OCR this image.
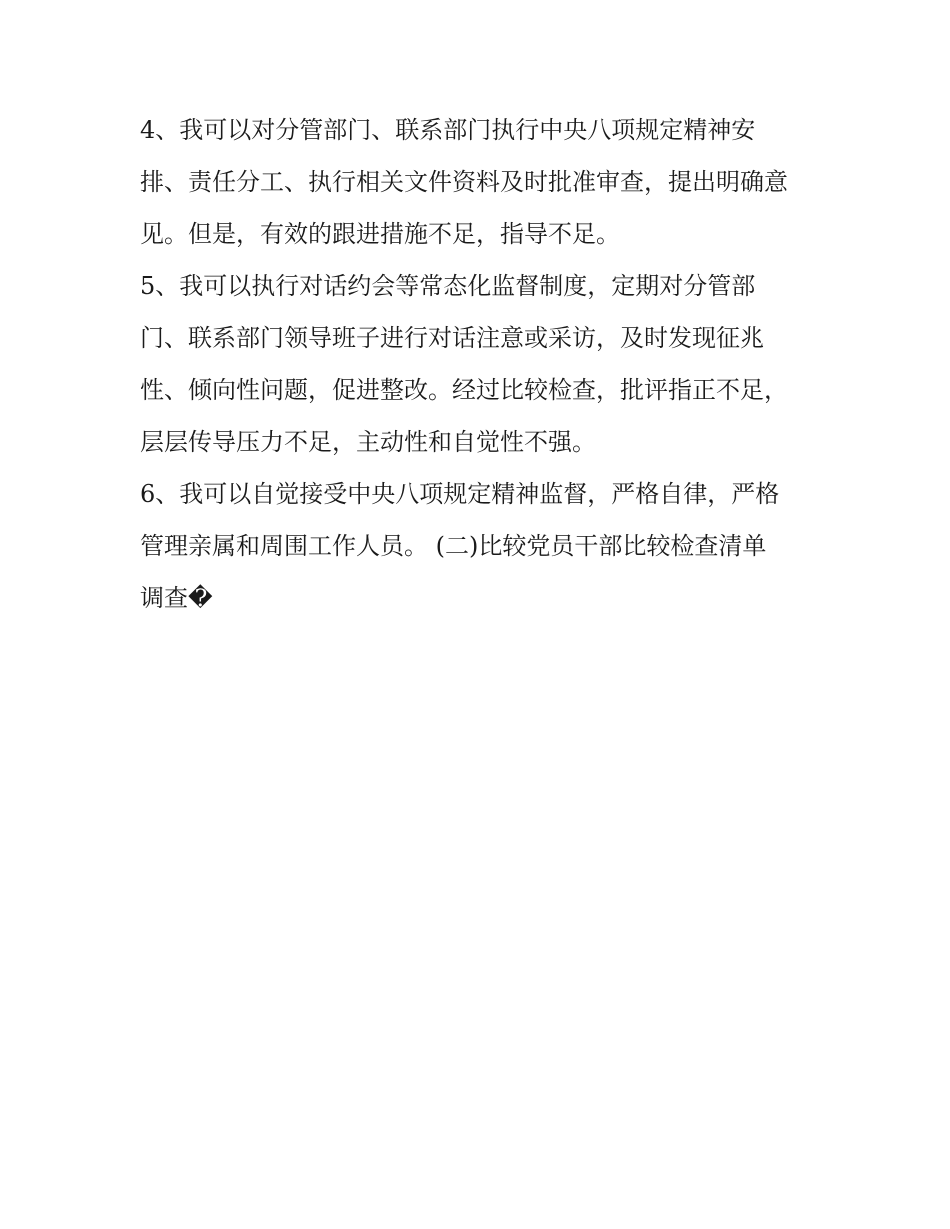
4、我可以对分管部门、联系部门执行中央八项规定精神安
排、责任分工、执行相关文件资料及时批准审查，提出明确意
见。但是，有效的跟进措施不足，指导不足。
5、我可以执行对话约会等常态化监督制度，定期对分管部
门、联系部门领导班子进行对话注意或采访，及时发现征兆
性、倾向性问题，促进整改。经过比较检查，批评指正不足，
层层传导压力不足，主动性和自觉性不强。
6、我可以自觉接受中央八项规定精神监督，严格自律，严格
管理亲属和周围工作人员。 (二)比较党员干部比较检查清单
调查�
